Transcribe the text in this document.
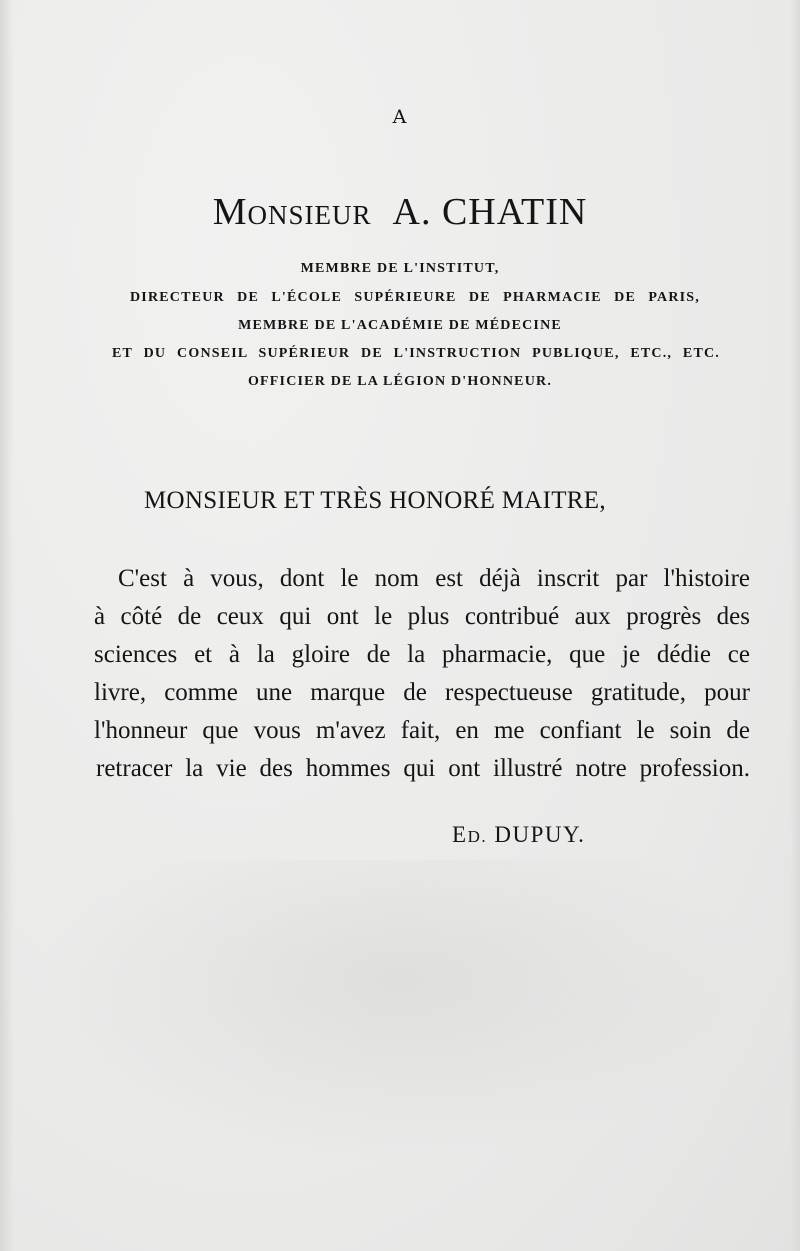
A

MONSIEUR A. CHATIN

MEMBRE DE L'INSTITUT,

DIRECTEUR DE L'ÉCOLE SUPÉRIEURE DE PHARMACIE DE PARIS,

MEMBRE DE L'ACADÉMIE DE MÉDECINE

ET DU CONSEIL SUPÉRIEUR DE L'INSTRUCTION PUBLIQUE, ETC., ETC.

OFFICIER DE LA LÉGION D'HONNEUR.

MONSIEUR ET TRÈS HONORÉ MAITRE,

C'est à vous, dont le nom est déjà inscrit par l'histoire

à côté de ceux qui ont le plus contribué aux progrès des

sciences et à la gloire de la pharmacie, que je dédie ce

livre, comme une marque de respectueuse gratitude, pour

l'honneur que vous m'avez fait, en me confiant le soin de

retracer la vie des hommes qui ont illustré notre profession.

ED. DUPUY.
